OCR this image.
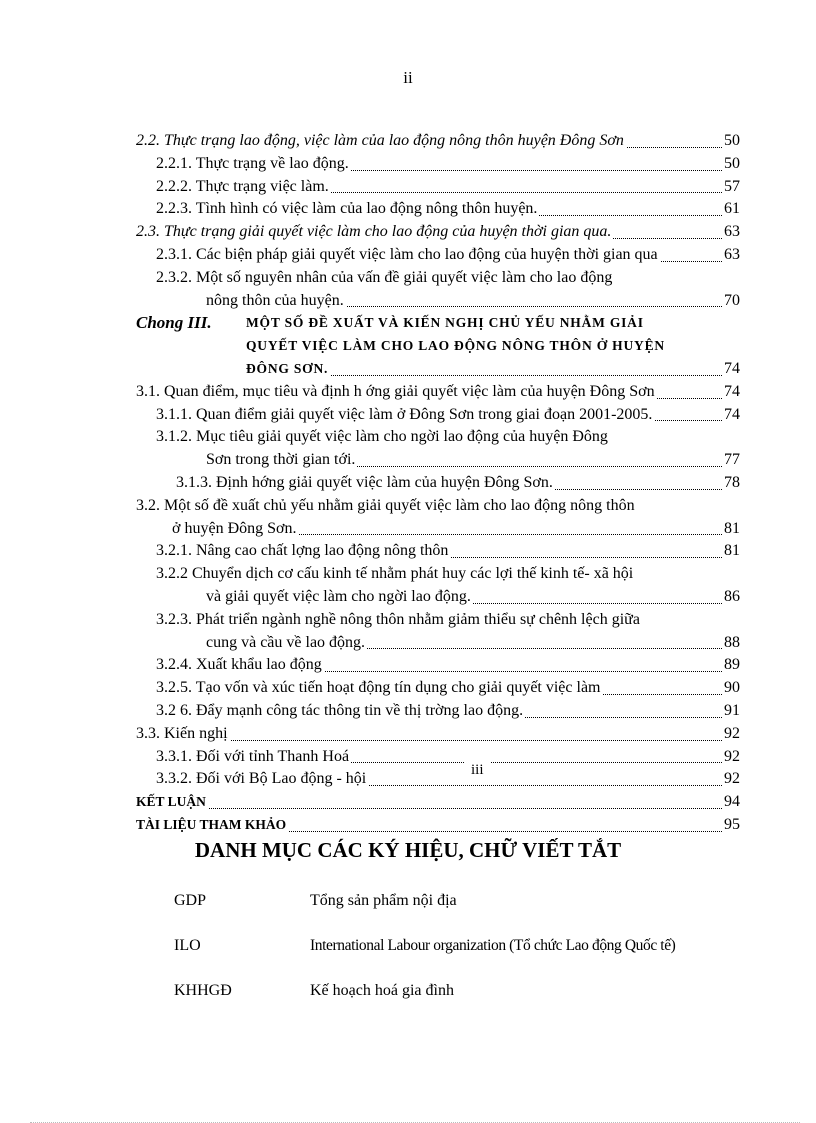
ii
2.2. Thực trạng lao động, việc làm của lao động nông thôn huyện Đông Sơn	50
2.2.1. Thực trạng về lao động.	50
2.2.2. Thực trạng việc làm.	57
2.2.3. Tình hình có việc làm của lao động nông thôn huyện.	61
2.3. Thực trạng giải quyết việc làm cho lao động của huyện thời gian qua.	63
2.3.1. Các biện pháp giải quyết việc làm cho lao động của huyện thời gian qua	63
2.3.2. Một số nguyên nhân của vấn đề giải quyết việc làm cho lao động
nông thôn của huyện.	70
Chong III.	MỘT SỐ ĐỀ XUẤT VÀ KIẾN NGHỊ CHỦ YẾU NHẰM GIẢI
QUYẾT VIỆC LÀM CHO LAO ĐỘNG NÔNG THÔN Ở HUYỆN
ĐÔNG SƠN.	74
3.1. Quan điểm, mục tiêu và định h ớng giải quyết việc làm của huyện Đông Sơn	74
3.1.1. Quan điểm giải quyết việc làm ở Đông Sơn trong giai đoạn 2001-2005.	74
3.1.2. Mục tiêu giải quyết việc làm cho ngời lao động của huyện Đông
Sơn trong thời gian tới.	77
3.1.3. Định hớng giải quyết việc làm của huyện Đông Sơn.	78
3.2. Một số đề xuất chủ yếu nhằm giải quyết việc làm cho lao động nông thôn
ở huyện Đông Sơn.	81
3.2.1. Nâng cao chất lợng lao động nông thôn	81
3.2.2 Chuyển dịch cơ cấu kinh tế nhằm phát huy các lợi thế kinh tế- xã hội
và giải quyết việc làm cho ngời lao động.	86
3.2.3. Phát triển ngành nghề nông thôn nhằm giảm thiểu sự chênh lệch giữa
cung và cầu về lao động.	88
3.2.4. Xuất khẩu lao động	89
3.2.5. Tạo vốn và xúc tiến hoạt động tín dụng cho giải quyết việc làm	90
3.2 6. Đẩy mạnh công tác thông tin về thị trờng lao động.	91
3.3. Kiến nghị	92
3.3.1. Đối với tỉnh Thanh Hoá	92
3.3.2. Đối với Bộ Lao động - hội	92
KẾT LUẬN	94
TÀI LIỆU THAM KHẢO	95
iii
DANH MỤC CÁC KÝ HIỆU, CHỮ VIẾT TẮT
GDP	Tổng sản phẩm nội địa
ILO	International Labour organization (Tổ chức Lao động Quốc tế)
KHHGĐ	Kế hoạch hoá gia đình
